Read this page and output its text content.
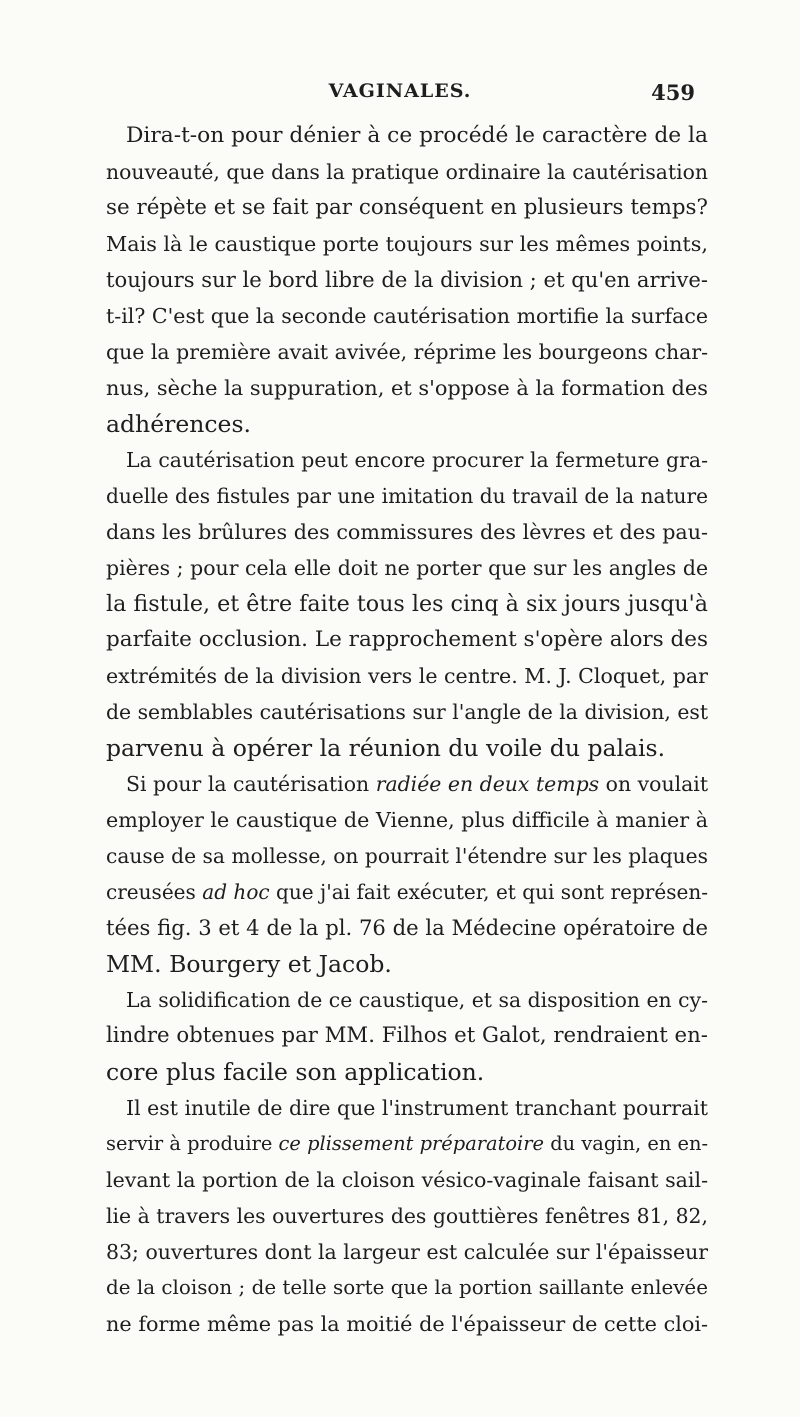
VAGINALES.	459
Dira-t-on pour dénier à ce procédé le caractère de la
nouveauté, que dans la pratique ordinaire la cautérisation
se répète et se fait par conséquent en plusieurs temps?
Mais là le caustique porte toujours sur les mêmes points,
toujours sur le bord libre de la division ; et qu'en arrive-
t-il? C'est que la seconde cautérisation mortifie la surface
que la première avait avivée, réprime les bourgeons char-
nus, sèche la suppuration, et s'oppose à la formation des
adhérences.
La cautérisation peut encore procurer la fermeture gra-
duelle des fistules par une imitation du travail de la nature
dans les brûlures des commissures des lèvres et des pau-
pières ; pour cela elle doit ne porter que sur les angles de
la fistule, et être faite tous les cinq à six jours jusqu'à
parfaite occlusion. Le rapprochement s'opère alors des
extrémités de la division vers le centre. M. J. Cloquet, par
de semblables cautérisations sur l'angle de la division, est
parvenu à opérer la réunion du voile du palais.
Si pour la cautérisation radiée en deux temps on voulait
employer le caustique de Vienne, plus difficile à manier à
cause de sa mollesse, on pourrait l'étendre sur les plaques
creusées ad hoc que j'ai fait exécuter, et qui sont représen-
tées fig. 3 et 4 de la pl. 76 de la Médecine opératoire de
MM. Bourgery et Jacob.
La solidification de ce caustique, et sa disposition en cy-
lindre obtenues par MM. Filhos et Galot, rendraient en-
core plus facile son application.
Il est inutile de dire que l'instrument tranchant pourrait
servir à produire ce plissement préparatoire du vagin, en en-
levant la portion de la cloison vésico-vaginale faisant sail-
lie à travers les ouvertures des gouttières fenêtres 81, 82,
83; ouvertures dont la largeur est calculée sur l'épaisseur
de la cloison ; de telle sorte que la portion saillante enlevée
ne forme même pas la moitié de l'épaisseur de cette cloi-
